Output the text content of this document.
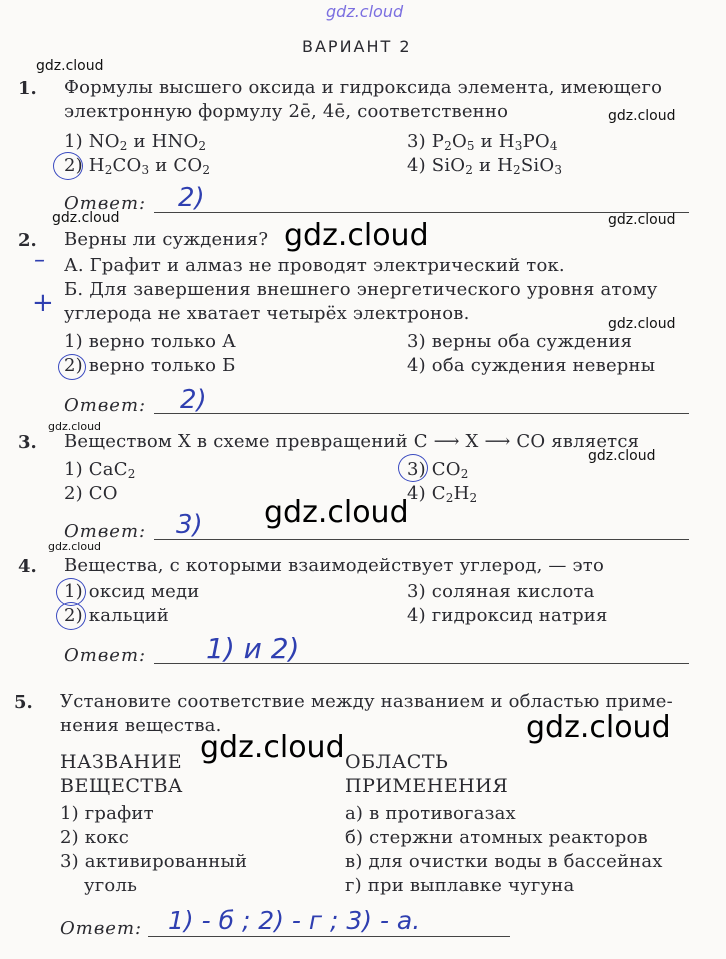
gdz.cloud
ВАРИАНТ 2
gdz.cloud
1. Формулы высшего оксида и гидроксида элемента, имеющего
электронную формулу 2ē, 4ē, соответственно	gdz.cloud
1) $NO_2$ и $HNO_2$
2) $H_2CO_3$ и $CO_2$
3) $P_2O_5$ и $H_3PO_4$
4) SiO$_2$ и $H_2SiO_3$
Ответ: 2)
gdz.cloud	gdz.cloud
2. Верны ли суждения? gdz.cloud
– А. Графит и алмаз не проводят электрический ток.
Б. Для завершения внешнего энергетического уровня атому
+ углерода не хватает четырёх электронов.	gdz.cloud
1) верно только А
2) верно только Б
3) верны оба суждения
4) оба суждения неверны
Ответ: 2)
gdz.cloud
3. Веществом X в схеме превращений C ⟶ X ⟶ CO является
gdz.cloud
1) CaC$_2$
2) CO
3) $CO_2$
4) $C_2H_2$
gdz.cloud
Ответ: 3)
gdz.cloud
4. Вещества, с которыми взаимодействует углерод, — это
1) оксид меди
2) кальций
3) соляная кислота
4) гидроксид натрия
Ответ: 1) и 2)
5. Установите соответствие между названием и областью приме-
нения вещества.	gdz.cloud
gdz.cloud
НАЗВАНИЕ
ВЕЩЕСТВА
ОБЛАСТЬ
ПРИМЕНЕНИЯ
1) графит
2) кокс
3) активированный
уголь
а) в противогазах
б) стержни атомных реакторов
в) для очистки воды в бассейнах
г) при выплавке чугуна
Ответ: 1) - б ; 2) - г ; 3) - а.
